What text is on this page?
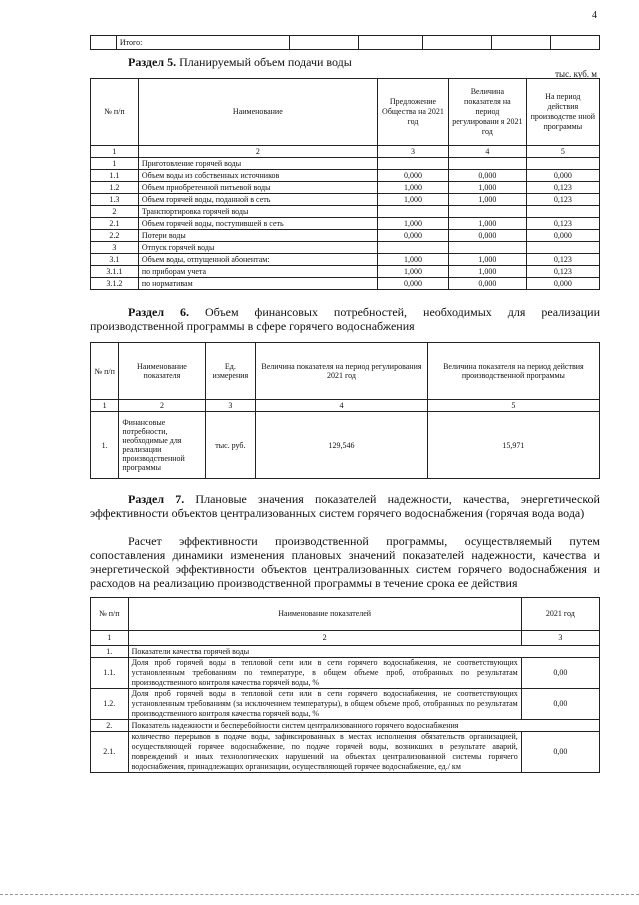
4
	Итого:					
Раздел 5. Планируемый объем подачи воды
тыс. куб. м
№ п/п	Наименование	Предложение Общества на 2021 год	Величина показателя на период регулировани я 2021 год	На период действия производстве нной программы
1	2	3	4	5
1	Приготовление горячей воды			
1.1	Объем воды из собственных источников	0,000	0,000	0,000
1.2	Объем приобретенной питьевой воды	1,000	1,000	0,123
1.3	Объем горячей воды, поданной в сеть	1,000	1,000	0,123
2	Транспортировка горячей воды			
2.1	Объем горячей воды, поступившей в сеть	1,000	1,000	0,123
2.2	Потери воды	0,000	0,000	0,000
3	Отпуск горячей воды			
3.1	Объем воды, отпущенной абонентам:	1,000	1,000	0,123
3.1.1	по приборам учета	1,000	1,000	0,123
3.1.2	по нормативам	0,000	0,000	0,000
Раздел 6. Объем финансовых потребностей, необходимых для реализации производственной программы в сфере горячего водоснабжения
№ п/п	Наименование показателя	Ед. измерения	Величина показателя на период регулирования 2021 год	Величина показателя на период действия производственной программы
1	2	3	4	5
1.	Финансовые потребности, необходимые для реализации производственной программы	тыс. руб.	129,546	15,971
Раздел 7. Плановые значения показателей надежности, качества, энергетической эффективности объектов централизованных систем горячего водоснабжения (горячая вода вода)
Расчет эффективности производственной программы, осуществляемый путем сопоставления динамики изменения плановых значений показателей надежности, качества и энергетической эффективности объектов централизованных систем горячего водоснабжения и расходов на реализацию производственной программы в течение срока ее действия
№ п/п	Наименование показателей	2021 год
1	2	3
1.	Показатели качества горячей воды	
1.1.	Доля проб горячей воды в тепловой сети или в сети горячего водоснабжения, не соответствующих установленным требованиям по температуре, в общем объеме проб, отобранных по результатам производственного контроля качества горячей воды, %	0,00
1.2.	Доля проб горячей воды в тепловой сети или в сети горячего водоснабжения, не соответствующих установленным требованиям (за исключением температуры), в общем объеме проб, отобранных по результатам производственного контроля качества горячей воды, %	0,00
2.	Показатель надежности и бесперебойности систем централизованного горячего водоснабжения	
2.1.	количество перерывов в подаче воды, зафиксированных в местах исполнения обязательств организацией, осуществляющей горячее водоснабжение, по подаче горячей воды, возникших в результате аварий, повреждений и иных технологических нарушений на объектах централизованной системы горячего водоснабжения, принадлежащих организации, осуществляющей горячее водоснабжение, ед./ км	0,00
